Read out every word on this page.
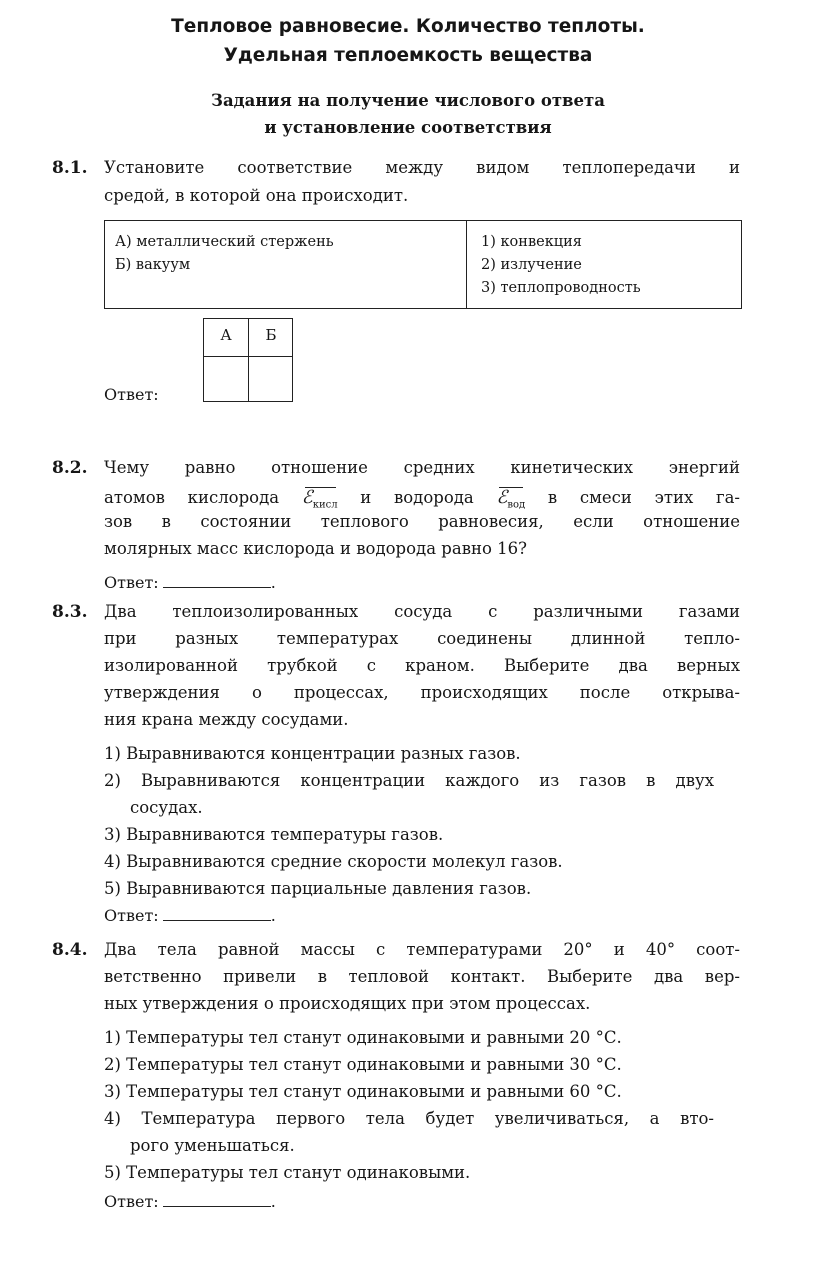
Тепловое равновесие. Количество теплоты.
Удельная теплоемкость вещества
Задания на получение числового ответа
и установление соответствия
8.1. Установите соответствие между видом теплопередачи и
средой, в которой она происходит.
А) металлический стержень
Б) вакуум
1) конвекция
2) излучение
3) теплопроводность
Ответ:
А	Б
8.2. Чему равно отношение средних кинетических энергий
атомов кислорода ℰ$_{кисл}$ и водорода ℰ$_{вод}$ в смеси этих га-
зов в состоянии теплового равновесия, если отношение
молярных масс кислорода и водорода равно 16?
Ответ:	.
8.3. Два теплоизолированных сосуда с различными газами
при разных температурах соединены длинной тепло-
изолированной трубкой с краном. Выберите два верных
утверждения о процессах, происходящих после открыва-
ния крана между сосудами.
1) Выравниваются концентрации разных газов.
2) Выравниваются концентрации каждого из газов в двух
сосудах.
3) Выравниваются температуры газов.
4) Выравниваются средние скорости молекул газов.
5) Выравниваются парциальные давления газов.
Ответ:	.
8.4. Два тела равной массы с температурами 20° и 40° соот-
ветственно привели в тепловой контакт. Выберите два вер-
ных утверждения о происходящих при этом процессах.
1) Температуры тел станут одинаковыми и равными 20 °С.
2) Температуры тел станут одинаковыми и равными 30 °С.
3) Температуры тел станут одинаковыми и равными 60 °С.
4) Температура первого тела будет увеличиваться, а вто-
рого уменьшаться.
5) Температуры тел станут одинаковыми.
Ответ:	.
